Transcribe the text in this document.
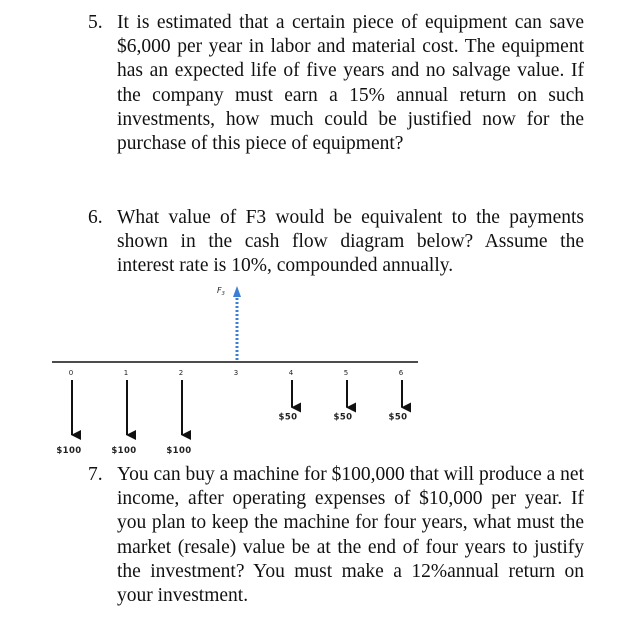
5. It is estimated that a certain piece of equipment can save $6,000 per year in labor and material cost. The equipment has an expected life of five years and no salvage value. If the company must earn a 15% annual return on such investments, how much could be justified now for the purchase of this piece of equipment?
6. What value of F3 would be equivalent to the payments shown in the cash flow diagram below? Assume the interest rate is 10%, compounded annually.
0	1	2	3	4	5	6
$100	$100	$100
$50	$50	$50
$F_3$
7. You can buy a machine for $100,000 that will produce a net income, after operating expenses of $10,000 per year. If you plan to keep the machine for four years, what must the market (resale) value be at the end of four years to justify the investment? You must make a 12%annual return on your investment.
